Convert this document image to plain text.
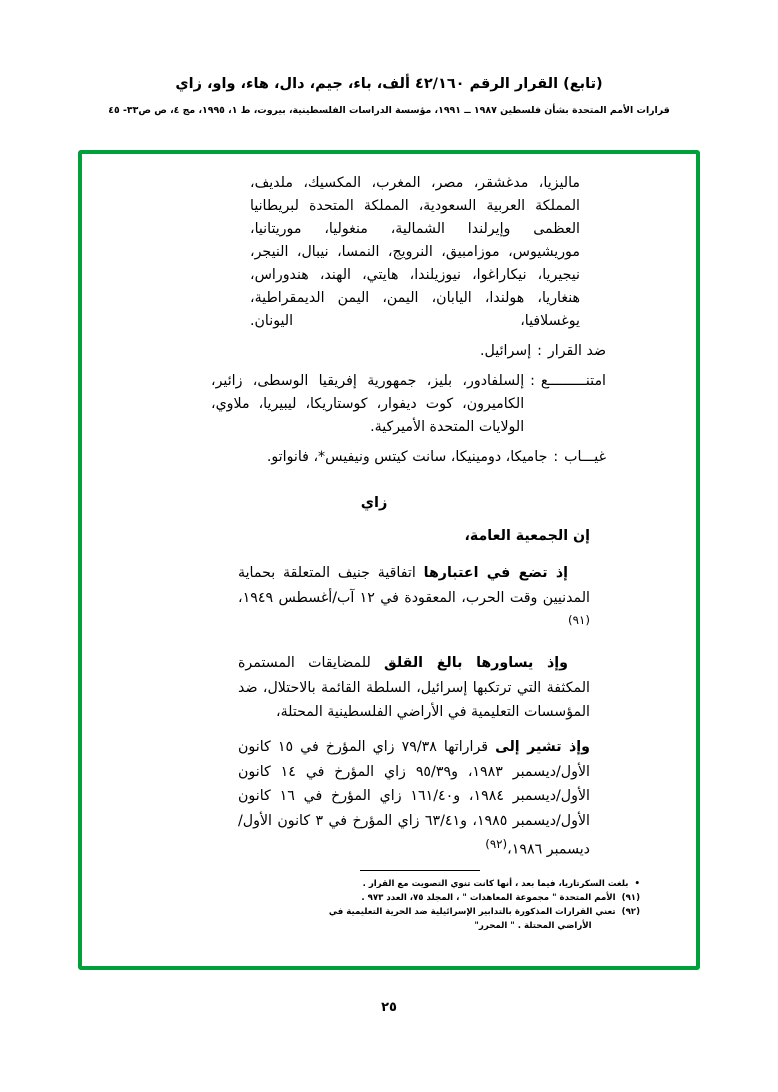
(تابع) القرار الرقم ٤٢/١٦٠ ألف، باء، جيم، دال، هاء، واو، زاي
قرارات الأمم المتحدة بشأن فلسطين ١٩٨٧ ــ ١٩٩١، مؤسسة الدراسات الفلسطينية، بيروت، ط ١، ١٩٩٥، مج ٤، ص ص٣٣- ٤٥
ماليزيا، مدغشقر، مصر، المغرب، المكسيك، ملديف، المملكة العربية السعودية، المملكة المتحدة لبريطانيا العظمى وإيرلندا الشمالية، منغوليا، موريتانيا، موريشيوس، موزامبيق، النرويج، النمسا، نيبال، النيجر، نيجيريا، نيكاراغوا، نيوزيلندا، هايتي، الهند، هندوراس، هنغاريا، هولندا، اليابان، اليمن، اليمن الديمقراطية، يوغسلافيا، اليونان.
ضد القرار
:
إسرائيل.
امتنـــــــــع
:
إلسلفادور، بليز، جمهورية إفريقيا الوسطى، زائير، الكاميرون، كوت ديفوار، كوستاريكا، ليبيريا، ملاوي، الولايات المتحدة الأميركية.
غيـــاب
:
جاميكا، دومينيكا، سانت كيتس ونيفيس*، فانواتو.
زاي
إن الجمعية العامة،
إذ تضع في اعتبارها اتفاقية جنيف المتعلقة بحماية المدنيين وقت الحرب، المعقودة في ١٢ آب/أغسطس ١٩٤٩،$^{(٩١)}$
وإذ يساورها بالغ القلق للمضايقات المستمرة المكثفة التي ترتكبها إسرائيل، السلطة القائمة بالاحتلال، ضد المؤسسات التعليمية في الأراضي الفلسطينية المحتلة،
وإذ تشير إلى قراراتها ٧٩/٣٨ زاي المؤرخ في ١٥ كانون الأول/ديسمبر ١٩٨٣، و٩٥/٣٩ زاي المؤرخ في ١٤ كانون الأول/ديسمبر ١٩٨٤، و١٦١/٤٠ زاي المؤرخ في ١٦ كانون الأول/ديسمبر ١٩٨٥، و٦٣/٤١ زاي المؤرخ في ٣ كانون الأول/ديسمبر ١٩٨٦،$^{(٩٢)}$
•
بلغت السكرتاريا، فيما بعد ، أنها كانت تنوي التصويت مع القرار .
(٩١)
الأمم المتحدة " مجموعة المعاهدات " ، المجلد ٧٥، العدد ٩٧٣ .
(٩٢)
تعني القرارات المذكورة بالتدابير الإسرائيلية ضد الحرية التعليمية في
الأراضي المحتلة . " المحرر"
٢٥
